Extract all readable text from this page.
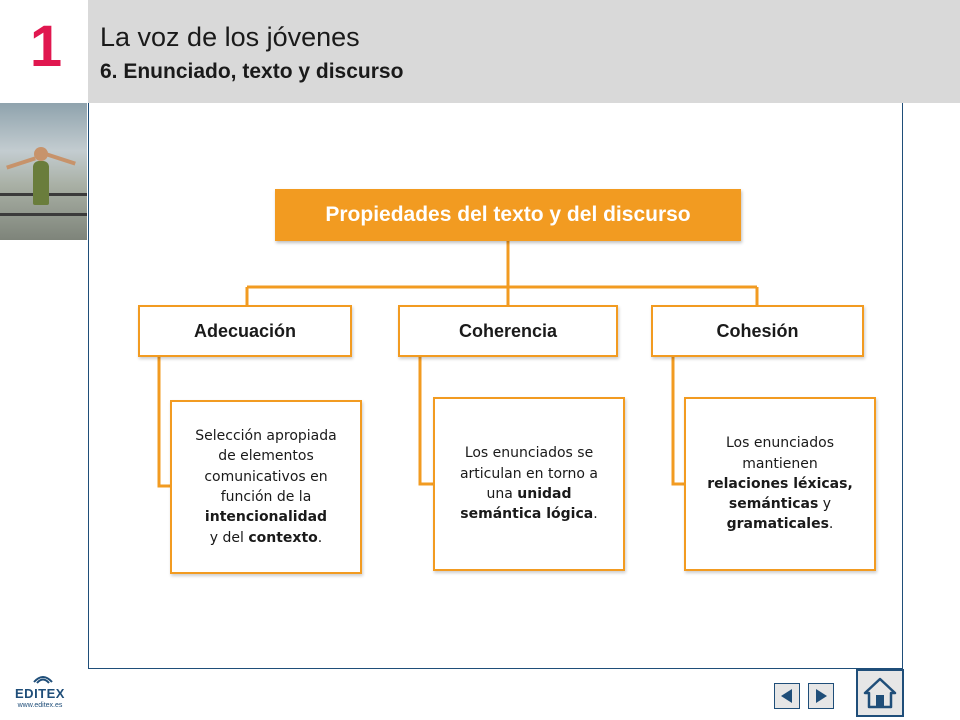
1 La voz de los jóvenes
6. Enunciado, texto y discurso
Propiedades del texto y del discurso
Adecuación	Coherencia	Cohesión
Selección apropiada
de elementos
comunicativos en
función de la
intencionalidad
y del contexto.
Los enunciados se
articulan en torno a
una unidad
semántica lógica.
Los enunciados
mantienen
relaciones léxicas,
semánticas y
gramaticales.
EDITEX
www.editex.es
